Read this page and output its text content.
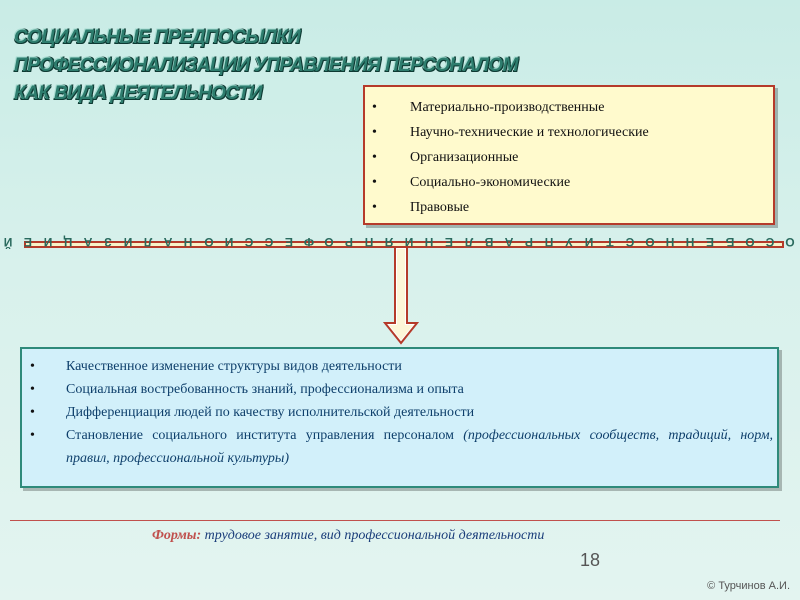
СОЦИАЛЬНЫЕ ПРЕДПОСЫЛКИ
ПРОФЕССИОНАЛИЗАЦИИ УПРАВЛЕНИЯ ПЕРСОНАЛОМ
КАК ВИДА ДЕЯТЕЛЬНОСТИ
• Материально-производственные
• Научно-технические и технологические
• Организационные
• Социально-экономические
• Правовые
О
С
О
Б
Е
Н
Н
О
С
Т
И
У
П
Р
А
В
Л
Е
Н
И
Я
П
Р
О
Ф
Е
С
С
И
О
Н
А
Л
И
З
А
Ц
И
Е
Й
• Качественное изменение структуры видов деятельности
• Социальная востребованность знаний, профессионализма и опыта
• Дифференциация людей по качеству исполнительской деятельности
• Становление социального института управления персоналом (профессиональных сообществ, традиций, норм, правил, профессиональной культуры)
Формы: трудовое занятие, вид профессиональной деятельности
18
© Турчинов А.И.
